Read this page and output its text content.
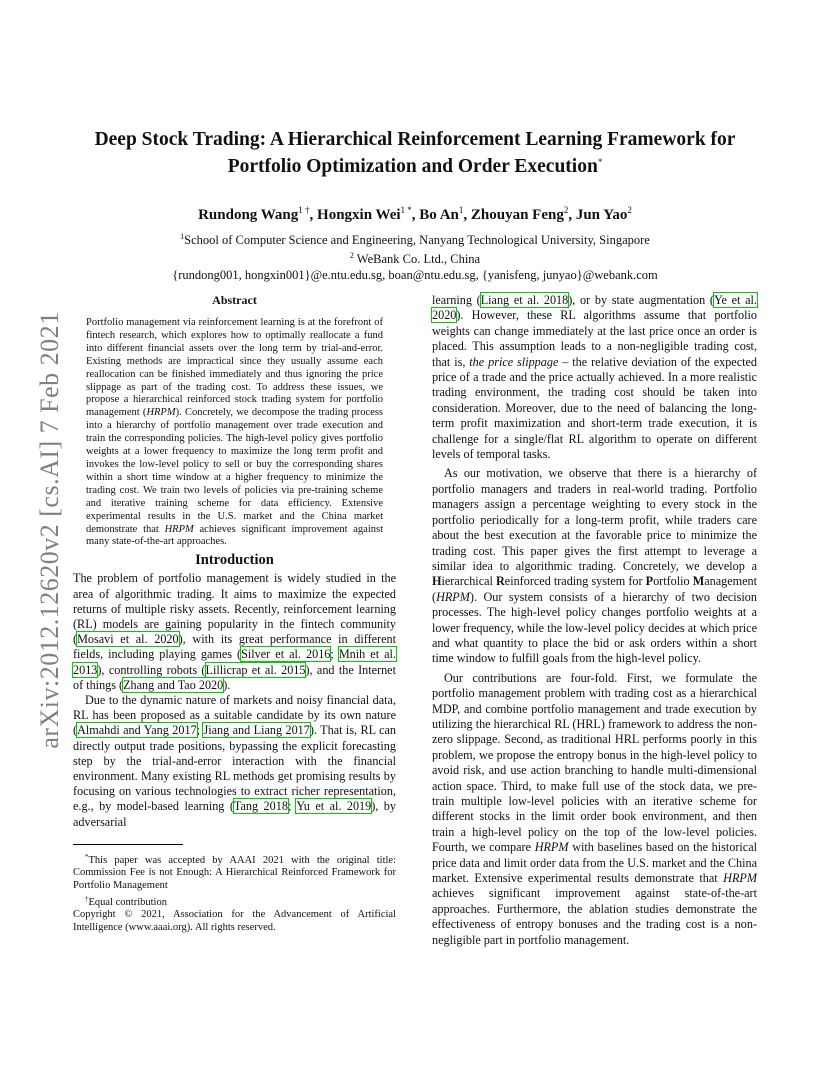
arXiv:2012.12620v2 [cs.AI] 7 Feb 2021
Deep Stock Trading: A Hierarchical Reinforcement Learning Framework for
Portfolio Optimization and Order Execution*
Rundong Wang$^{1 \dagger}$, Hongxin Wei$^{1 *}$, Bo An$^1$, Zhouyan Feng$^2$, Jun Yao$^2$
$^1$School of Computer Science and Engineering, Nanyang Technological University, Singapore
$^2$ WeBank Co. Ltd., China
{rundong001, hongxin001}@e.ntu.edu.sg, boan@ntu.edu.sg, {yanisfeng, junyao}@webank.com
Abstract
Portfolio management via reinforcement learning is at the forefront of fintech research, which explores how to optimally reallocate a fund into different financial assets over the long term by trial-and-error. Existing methods are impractical since they usually assume each reallocation can be finished immediately and thus ignoring the price slippage as part of the trading cost. To address these issues, we propose a hierarchical reinforced stock trading system for portfolio management (HRPM). Concretely, we decompose the trading process into a hierarchy of portfolio management over trade execution and train the corresponding policies. The high-level policy gives portfolio weights at a lower frequency to maximize the long term profit and invokes the low-level policy to sell or buy the corresponding shares within a short time window at a higher frequency to minimize the trading cost. We train two levels of policies via pre-training scheme and iterative training scheme for data efficiency. Extensive experimental results in the U.S. market and the China market demonstrate that HRPM achieves significant improvement against many state-of-the-art approaches.
Introduction

The problem of portfolio management is widely studied in the area of algorithmic trading. It aims to maximize the expected returns of multiple risky assets. Recently, reinforcement learning (RL) models are gaining popularity in the fintech community (Mosavi et al. 2020), with its great performance in different fields, including playing games (Silver et al. 2016; Mnih et al. 2013), controlling robots (Lillicrap et al. 2015), and the Internet of things (Zhang and Tao 2020).

Due to the dynamic nature of markets and noisy financial data, RL has been proposed as a suitable candidate by its own nature (Almahdi and Yang 2017; Jiang and Liang 2017). That is, RL can directly output trade positions, bypassing the explicit forecasting step by the trial-and-error interaction with the financial environment. Many existing RL methods get promising results by focusing on various technologies to extract richer representation, e.g., by model-based learning (Tang 2018; Yu et al. 2019), by adversarial

*This paper was accepted by AAAI 2021 with the original title: Commission Fee is not Enough: A Hierarchical Reinforced Framework for Portfolio Management
†Equal contribution
Copyright © 2021, Association for the Advancement of Artificial Intelligence (www.aaai.org). All rights reserved.

learning (Liang et al. 2018), or by state augmentation (Ye et al. 2020). However, these RL algorithms assume that portfolio weights can change immediately at the last price once an order is placed. This assumption leads to a non-negligible trading cost, that is, the price slippage – the relative deviation of the expected price of a trade and the price actually achieved. In a more realistic trading environment, the trading cost should be taken into consideration. Moreover, due to the need of balancing the long-term profit maximization and short-term trade execution, it is challenge for a single/flat RL algorithm to operate on different levels of temporal tasks.

As our motivation, we observe that there is a hierarchy of portfolio managers and traders in real-world trading. Portfolio managers assign a percentage weighting to every stock in the portfolio periodically for a long-term profit, while traders care about the best execution at the favorable price to minimize the trading cost. This paper gives the first attempt to leverage a similar idea to algorithmic trading. Concretely, we develop a Hierarchical Reinforced trading system for Portfolio Management (HRPM). Our system consists of a hierarchy of two decision processes. The high-level policy changes portfolio weights at a lower frequency, while the low-level policy decides at which price and what quantity to place the bid or ask orders within a short time window to fulfill goals from the high-level policy.

Our contributions are four-fold. First, we formulate the portfolio management problem with trading cost as a hierarchical MDP, and combine portfolio management and trade execution by utilizing the hierarchical RL (HRL) framework to address the non-zero slippage. Second, as traditional HRL performs poorly in this problem, we propose the entropy bonus in the high-level policy to avoid risk, and use action branching to handle multi-dimensional action space. Third, to make full use of the stock data, we pre-train multiple low-level policies with an iterative scheme for different stocks in the limit order book environment, and then train a high-level policy on the top of the low-level policies. Fourth, we compare HRPM with baselines based on the historical price data and limit order data from the U.S. market and the China market. Extensive experimental results demonstrate that HRPM achieves significant improvement against state-of-the-art approaches. Furthermore, the ablation studies demonstrate the effectiveness of entropy bonuses and the trading cost is a non-negligible part in portfolio management.
